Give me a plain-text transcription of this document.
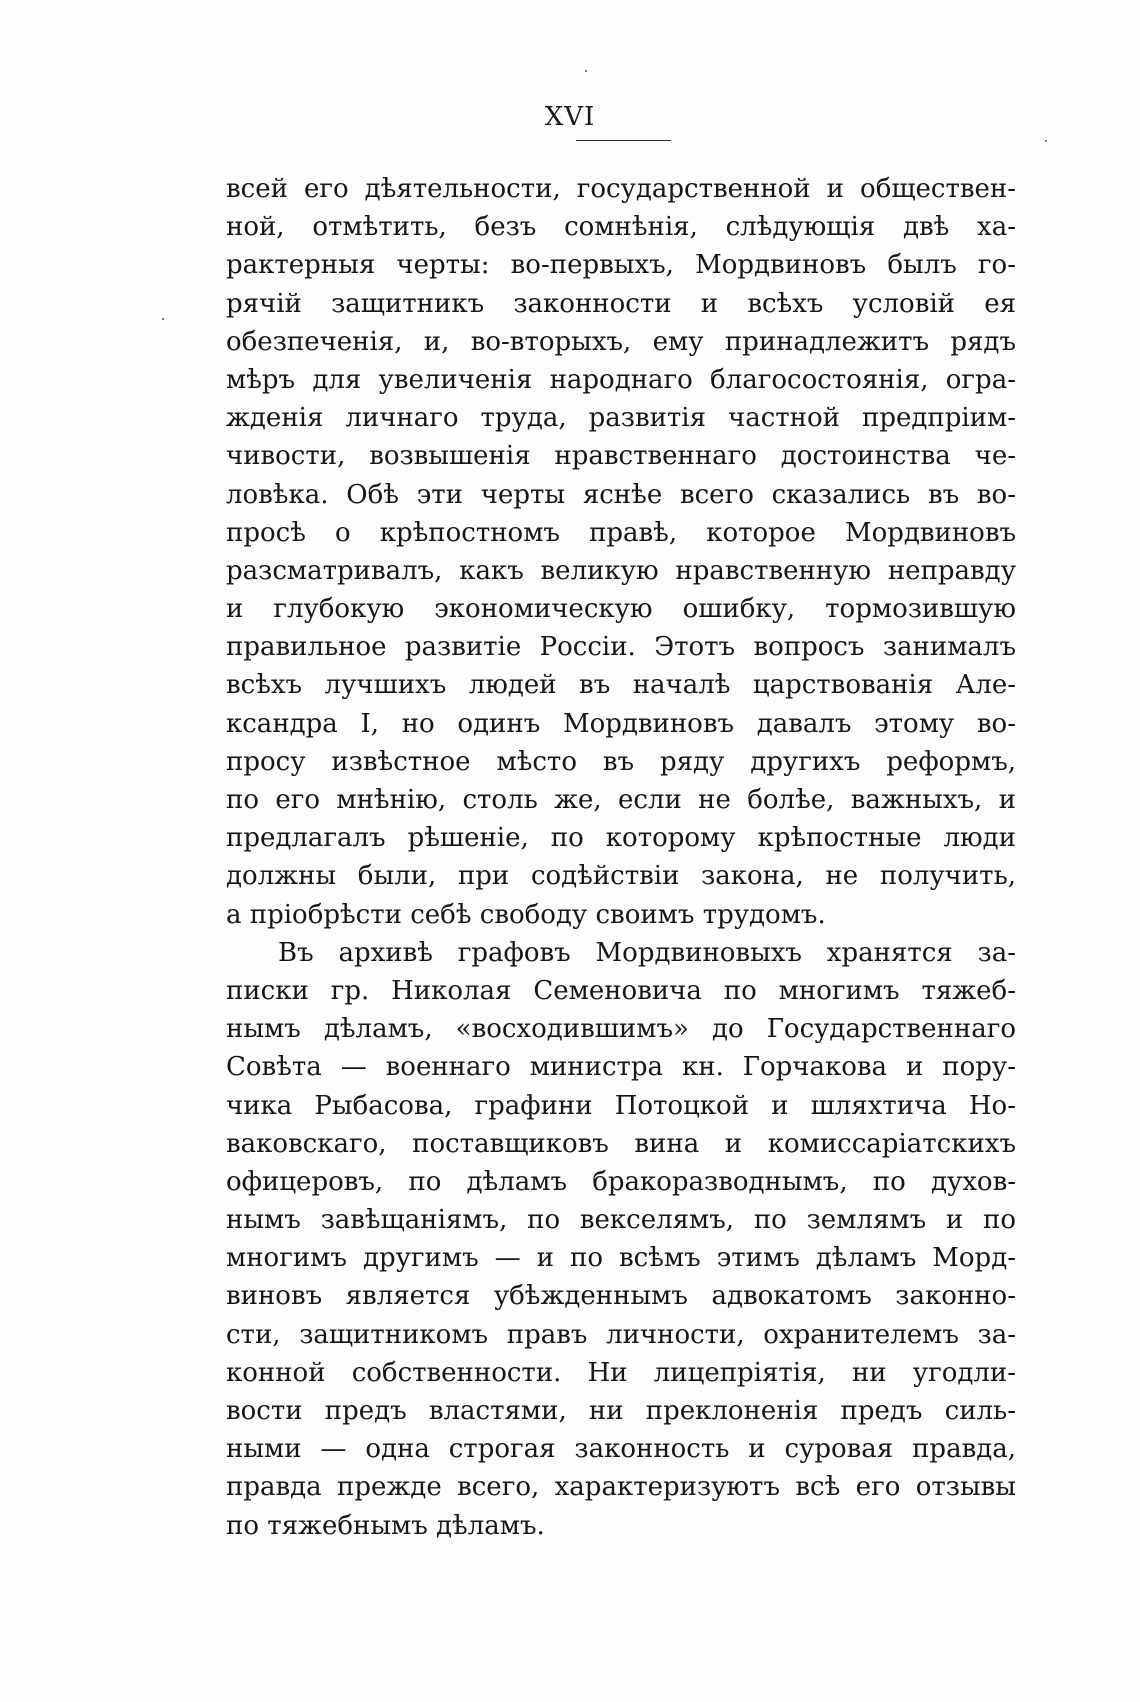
XVI
всей его дѣятельности, государственной и обществен-
ной, отмѣтить, безъ сомнѣнія, слѣдующія двѣ ха-
рактерныя черты: во-первыхъ, Мордвиновъ былъ го-
рячій защитникъ законности и всѣхъ условій ея
обезпеченія, и, во-вторыхъ, ему принадлежитъ рядъ
мѣръ для увеличенія народнаго благосостоянія, огра-
жденія личнаго труда, развитія частной предпріим-
чивости, возвышенія нравственнаго достоинства че-
ловѣка. Обѣ эти черты яснѣе всего сказались въ во-
просѣ о крѣпостномъ правѣ, которое Мордвиновъ
разсматривалъ, какъ великую нравственную неправду
и глубокую экономическую ошибку, тормозившую
правильное развитіе Россіи. Этотъ вопросъ занималъ
всѣхъ лучшихъ людей въ началѣ царствованія Але-
ксандра I, но одинъ Мордвиновъ давалъ этому во-
просу извѣстное мѣсто въ ряду другихъ реформъ,
по его мнѣнію, столь же, если не болѣе, важныхъ, и
предлагалъ рѣшеніе, по которому крѣпостные люди
должны были, при содѣйствіи закона, не получить,
а пріобрѣсти себѣ свободу своимъ трудомъ.
Въ архивѣ графовъ Мордвиновыхъ хранятся за-
писки гр. Николая Семеновича по многимъ тяжеб-
нымъ дѣламъ, «восходившимъ» до Государственнаго
Совѣта — военнаго министра кн. Горчакова и пору-
чика Рыбасова, графини Потоцкой и шляхтича Но-
ваковскаго, поставщиковъ вина и комиссаріатскихъ
офицеровъ, по дѣламъ бракоразводнымъ, по духов-
нымъ завѣщаніямъ, по векселямъ, по землямъ и по
многимъ другимъ — и по всѣмъ этимъ дѣламъ Морд-
виновъ является убѣжденнымъ адвокатомъ законно-
сти, защитникомъ правъ личности, охранителемъ за-
конной собственности. Ни лицепріятія, ни угодли-
вости предъ властями, ни преклоненія предъ силь-
ными — одна строгая законность и суровая правда,
правда прежде всего, характеризуютъ всѣ его отзывы
по тяжебнымъ дѣламъ.
